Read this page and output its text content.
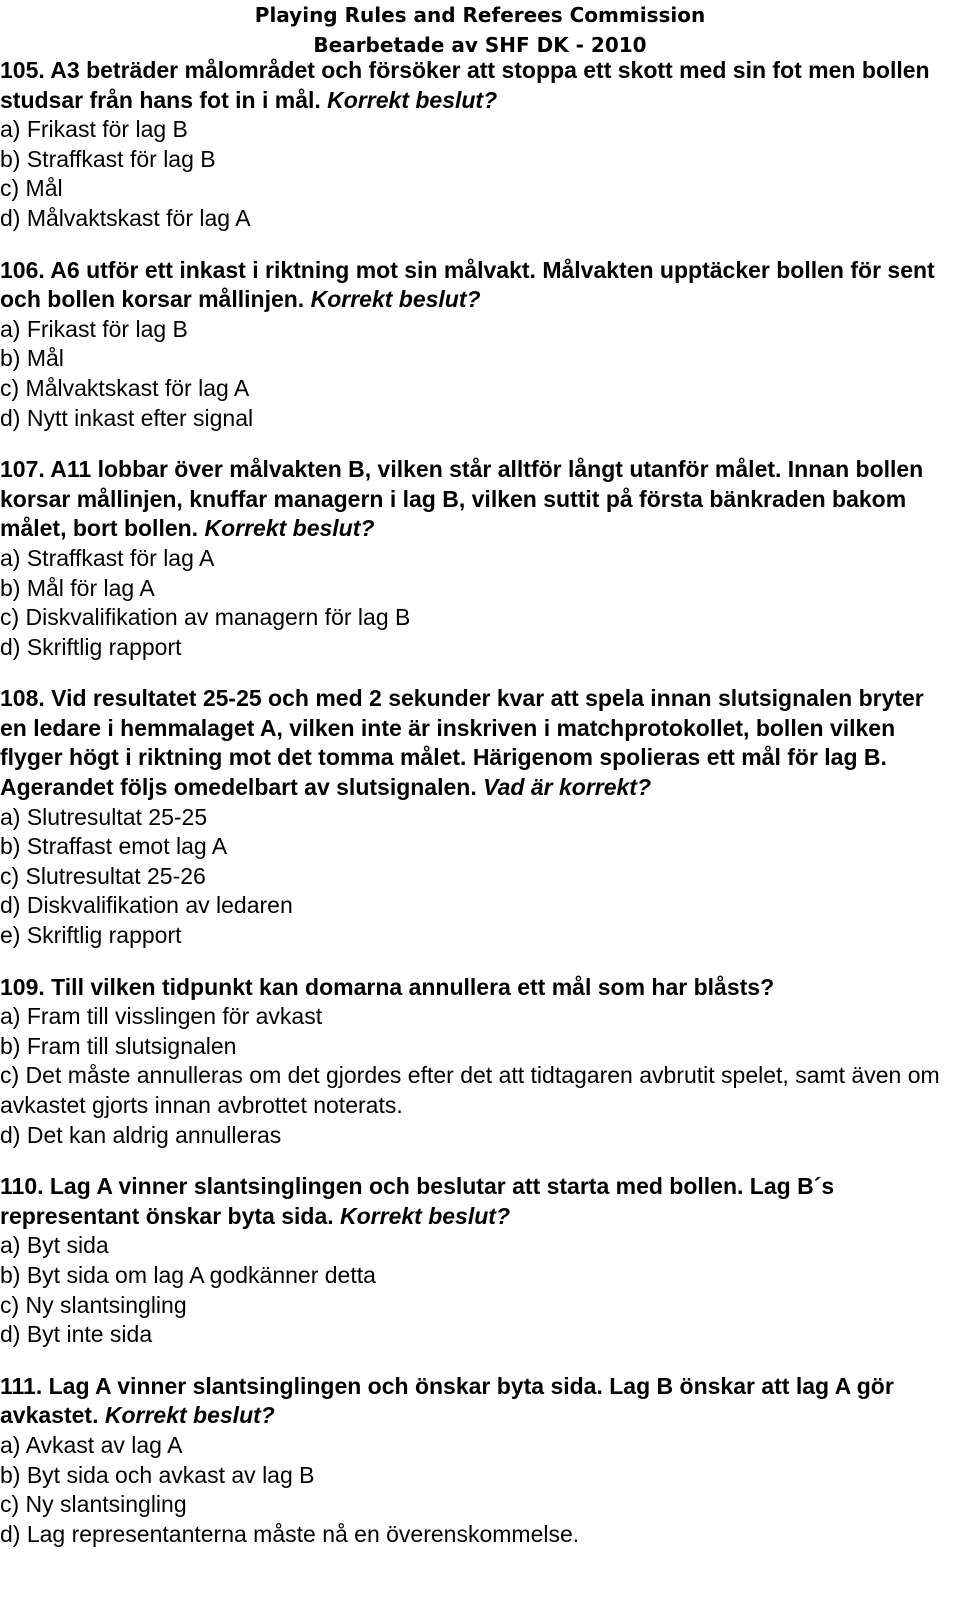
Playing Rules and Referees Commission
Bearbetade av SHF DK - 2010
105. A3 beträder målområdet och försöker att stoppa ett skott med sin fot men bollen studsar från hans fot in i mål. Korrekt beslut?
a) Frikast för lag B
b) Straffkast för lag B
c) Mål
d) Målvaktskast för lag A
106. A6 utför ett inkast i riktning mot sin målvakt. Målvakten upptäcker bollen för sent och bollen korsar mållinjen. Korrekt beslut?
a) Frikast för lag B
b) Mål
c) Målvaktskast för lag A
d) Nytt inkast efter signal
107. A11 lobbar över målvakten B, vilken står alltför långt utanför målet. Innan bollen korsar mållinjen, knuffar managern i lag B, vilken suttit på första bänkraden bakom målet, bort bollen. Korrekt beslut?
a) Straffkast för lag A
b) Mål för lag A
c) Diskvalifikation av managern för lag B
d) Skriftlig rapport
108. Vid resultatet 25-25 och med 2 sekunder kvar att spela innan slutsignalen bryter en ledare i hemmalaget A, vilken inte är inskriven i matchprotokollet, bollen vilken flyger högt i riktning mot det tomma målet. Härigenom spolieras ett mål för lag B. Agerandet följs omedelbart av slutsignalen. Vad är korrekt?
a) Slutresultat 25-25
b) Straffast emot lag A
c) Slutresultat 25-26
d) Diskvalifikation av ledaren
e) Skriftlig rapport
109. Till vilken tidpunkt kan domarna annullera ett mål som har blåsts?
a) Fram till visslingen för avkast
b) Fram till slutsignalen
c) Det måste annulleras om det gjordes efter det att tidtagaren avbrutit spelet, samt även om avkastet gjorts innan avbrottet noterats.
d) Det kan aldrig annulleras
110. Lag A vinner slantsinglingen och beslutar att starta med bollen. Lag B´s representant önskar byta sida. Korrekt beslut?
a) Byt sida
b) Byt sida om lag A godkänner detta
c) Ny slantsingling
d) Byt inte sida
111. Lag A vinner slantsinglingen och önskar byta sida. Lag B önskar att lag A gör avkastet. Korrekt beslut?
a) Avkast av lag A
b) Byt sida och avkast av lag B
c) Ny slantsingling
d) Lag representanterna måste nå en överenskommelse.
